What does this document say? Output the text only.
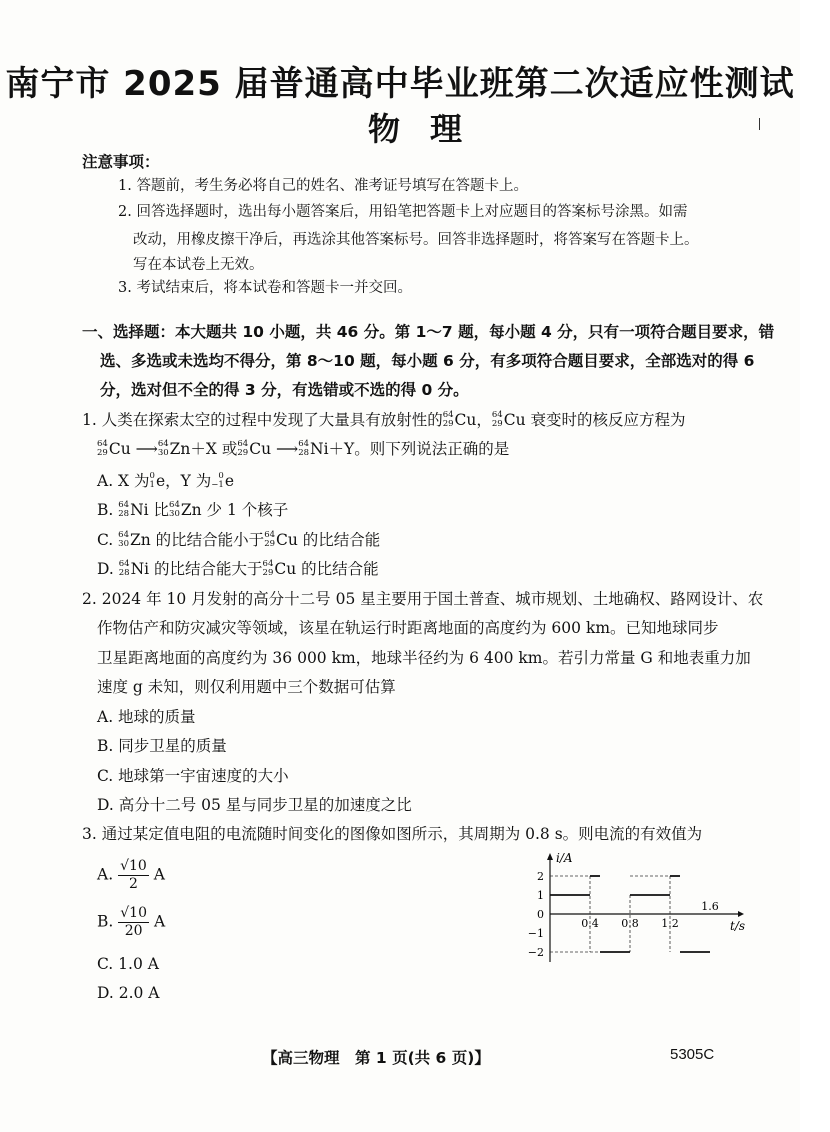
南宁市 2025 届普通高中毕业班第二次适应性测试
物理
注意事项：
1. 答题前，考生务必将自己的姓名、准考证号填写在答题卡上。
2. 回答选择题时，选出每小题答案后，用铅笔把答题卡上对应题目的答案标号涂黑。如需
改动，用橡皮擦干净后，再选涂其他答案标号。回答非选择题时，将答案写在答题卡上。
写在本试卷上无效。
3. 考试结束后，将本试卷和答题卡一并交回。
一、选择题：本大题共 10 小题，共 46 分。第 1～7 题，每小题 4 分，只有一项符合题目要求，错
选、多选或未选均不得分，第 8～10 题，每小题 6 分，有多项符合题目要求，全部选对的得 6
分，选对但不全的得 3 分，有选错或不选的得 0 分。
1. 人类在探索太空的过程中发现了大量具有放射性的 64
29 Cu， 64
29 Cu 衰变时的核反应方程为
64
29 Cu ⟶ 64
30 Zn＋X 或 64
29 Cu ⟶ 64
28 Ni＋Y。则下列说法正确的是
A. X 为 0
1 e，Y 为 0
−1 e
B. 64
28 Ni 比 64
30 Zn 少 1 个核子
C. 64
30 Zn 的比结合能小于 64
29 Cu 的比结合能
D. 64
28 Ni 的比结合能大于 64
29 Cu 的比结合能
2. 2024 年 10 月发射的高分十二号 05 星主要用于国土普查、城市规划、土地确权、路网设计、农
作物估产和防灾减灾等领域，该星在轨运行时距离地面的高度约为 600 km。已知地球同步
卫星距离地面的高度约为 36 000 km，地球半径约为 6 400 km。若引力常量 G 和地表重力加
速度 g 未知，则仅利用题中三个数据可估算
A. 地球的质量
B. 同步卫星的质量
C. 地球第一宇宙速度的大小
D. 高分十二号 05 星与同步卫星的加速度之比
3. 通过某定值电阻的电流随时间变化的图像如图所示，其周期为 0.8 s。则电流的有效值为
A. $\frac{√10}{2}$ A
B. $\frac{√10}{20}$ A
C. 1.0 A
D. 2.0 A
i/A
t/s
2
1
0
−1
−2
0.4 0.8 1.2
1.6
【高三物理　第 1 页(共 6 页)】	5305C
